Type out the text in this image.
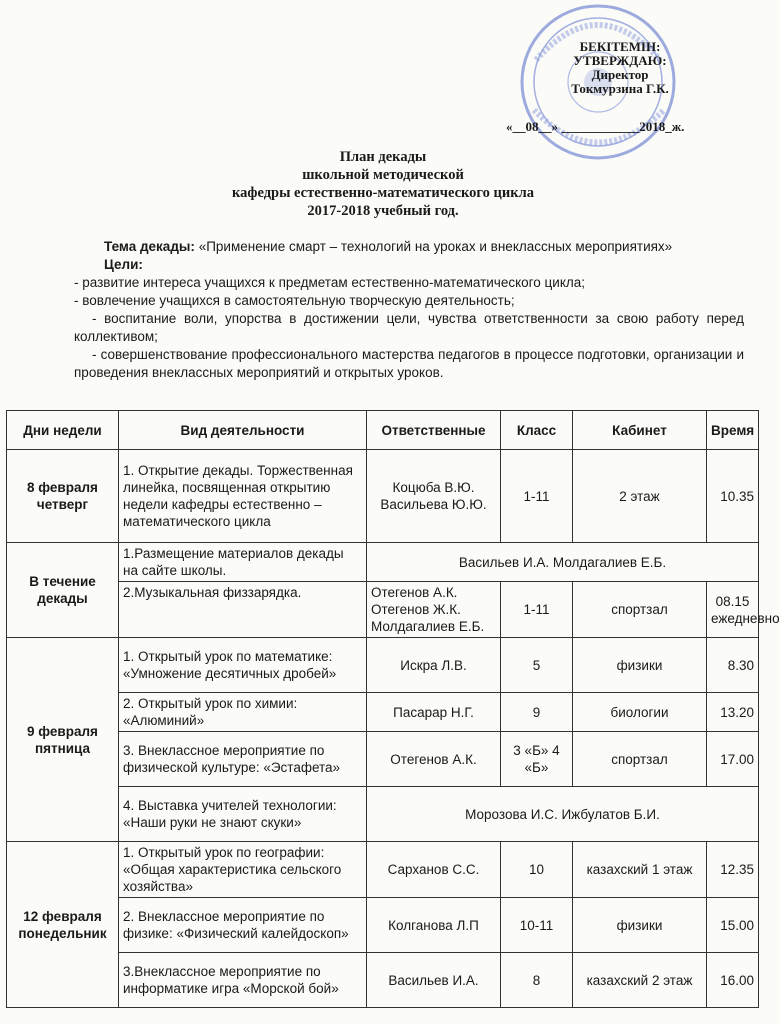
БЕКІТЕМІН:
УТВЕРЖДАЮ:
Директор
Токмурзина Г.К.
«__08__» ____________2018_ж.
План декады
школьной методической
кафедры естественно-математического цикла
2017-2018 учебный год.
Тема декады: «Применение смарт – технологий на уроках и внеклассных мероприятиях»
Цели:
- развитие интереса учащихся к предметам естественно-математического цикла;
- вовлечение учащихся в самостоятельную творческую деятельность;
- воспитание воли, упорства в достижении цели, чувства ответственности за свою работу перед коллективом;
- совершенствование профессионального мастерства педагогов в процессе подготовки, организации и проведения внеклассных мероприятий и открытых уроков.
Дни недели	Вид деятельности	Ответственные	Класс	Кабинет	Время
8 февраля четверг	1. Открытие декады. Торжественная линейка, посвященная открытию недели кафедры естественно – математического цикла	Коцюба В.Ю. Васильева Ю.Ю.	1-11	2 этаж	10.35
В течение декады	1.Размещение материалов декады на сайте школы.	Васильев И.А. Молдагалиев Е.Б.			
	2.Музыкальная физзарядка.	Отегенов А.К. Отегенов Ж.К. Молдагалиев Е.Б.	1-11	спортзал	08.15 ежедневно
9 февраля пятница	1. Открытый урок по математике: «Умножение десятичных дробей»	Искра Л.В.	5	физики	8.30
	2. Открытый урок по химии: «Алюминий»	Пасарар Н.Г.	9	биологии	13.20
	3. Внеклассное мероприятие по физической культуре: «Эстафета»	Отегенов А.К.	3 «Б» 4 «Б»	спортзал	17.00
	4. Выставка учителей технологии: «Наши руки не знают скуки»	Морозова И.С. Ижбулатов Б.И.			
12 февраля понедельник	1. Открытый урок по географии: «Общая характеристика сельского хозяйства»	Сарханов С.С.	10	казахский 1 этаж	12.35
	2. Внеклассное мероприятие по физике: «Физический калейдоскоп»	Колганова Л.П	10-11	физики	15.00
	3.Внеклассное мероприятие по информатике игра «Морской бой»	Васильев И.А.	8	казахский 2 этаж	16.00
